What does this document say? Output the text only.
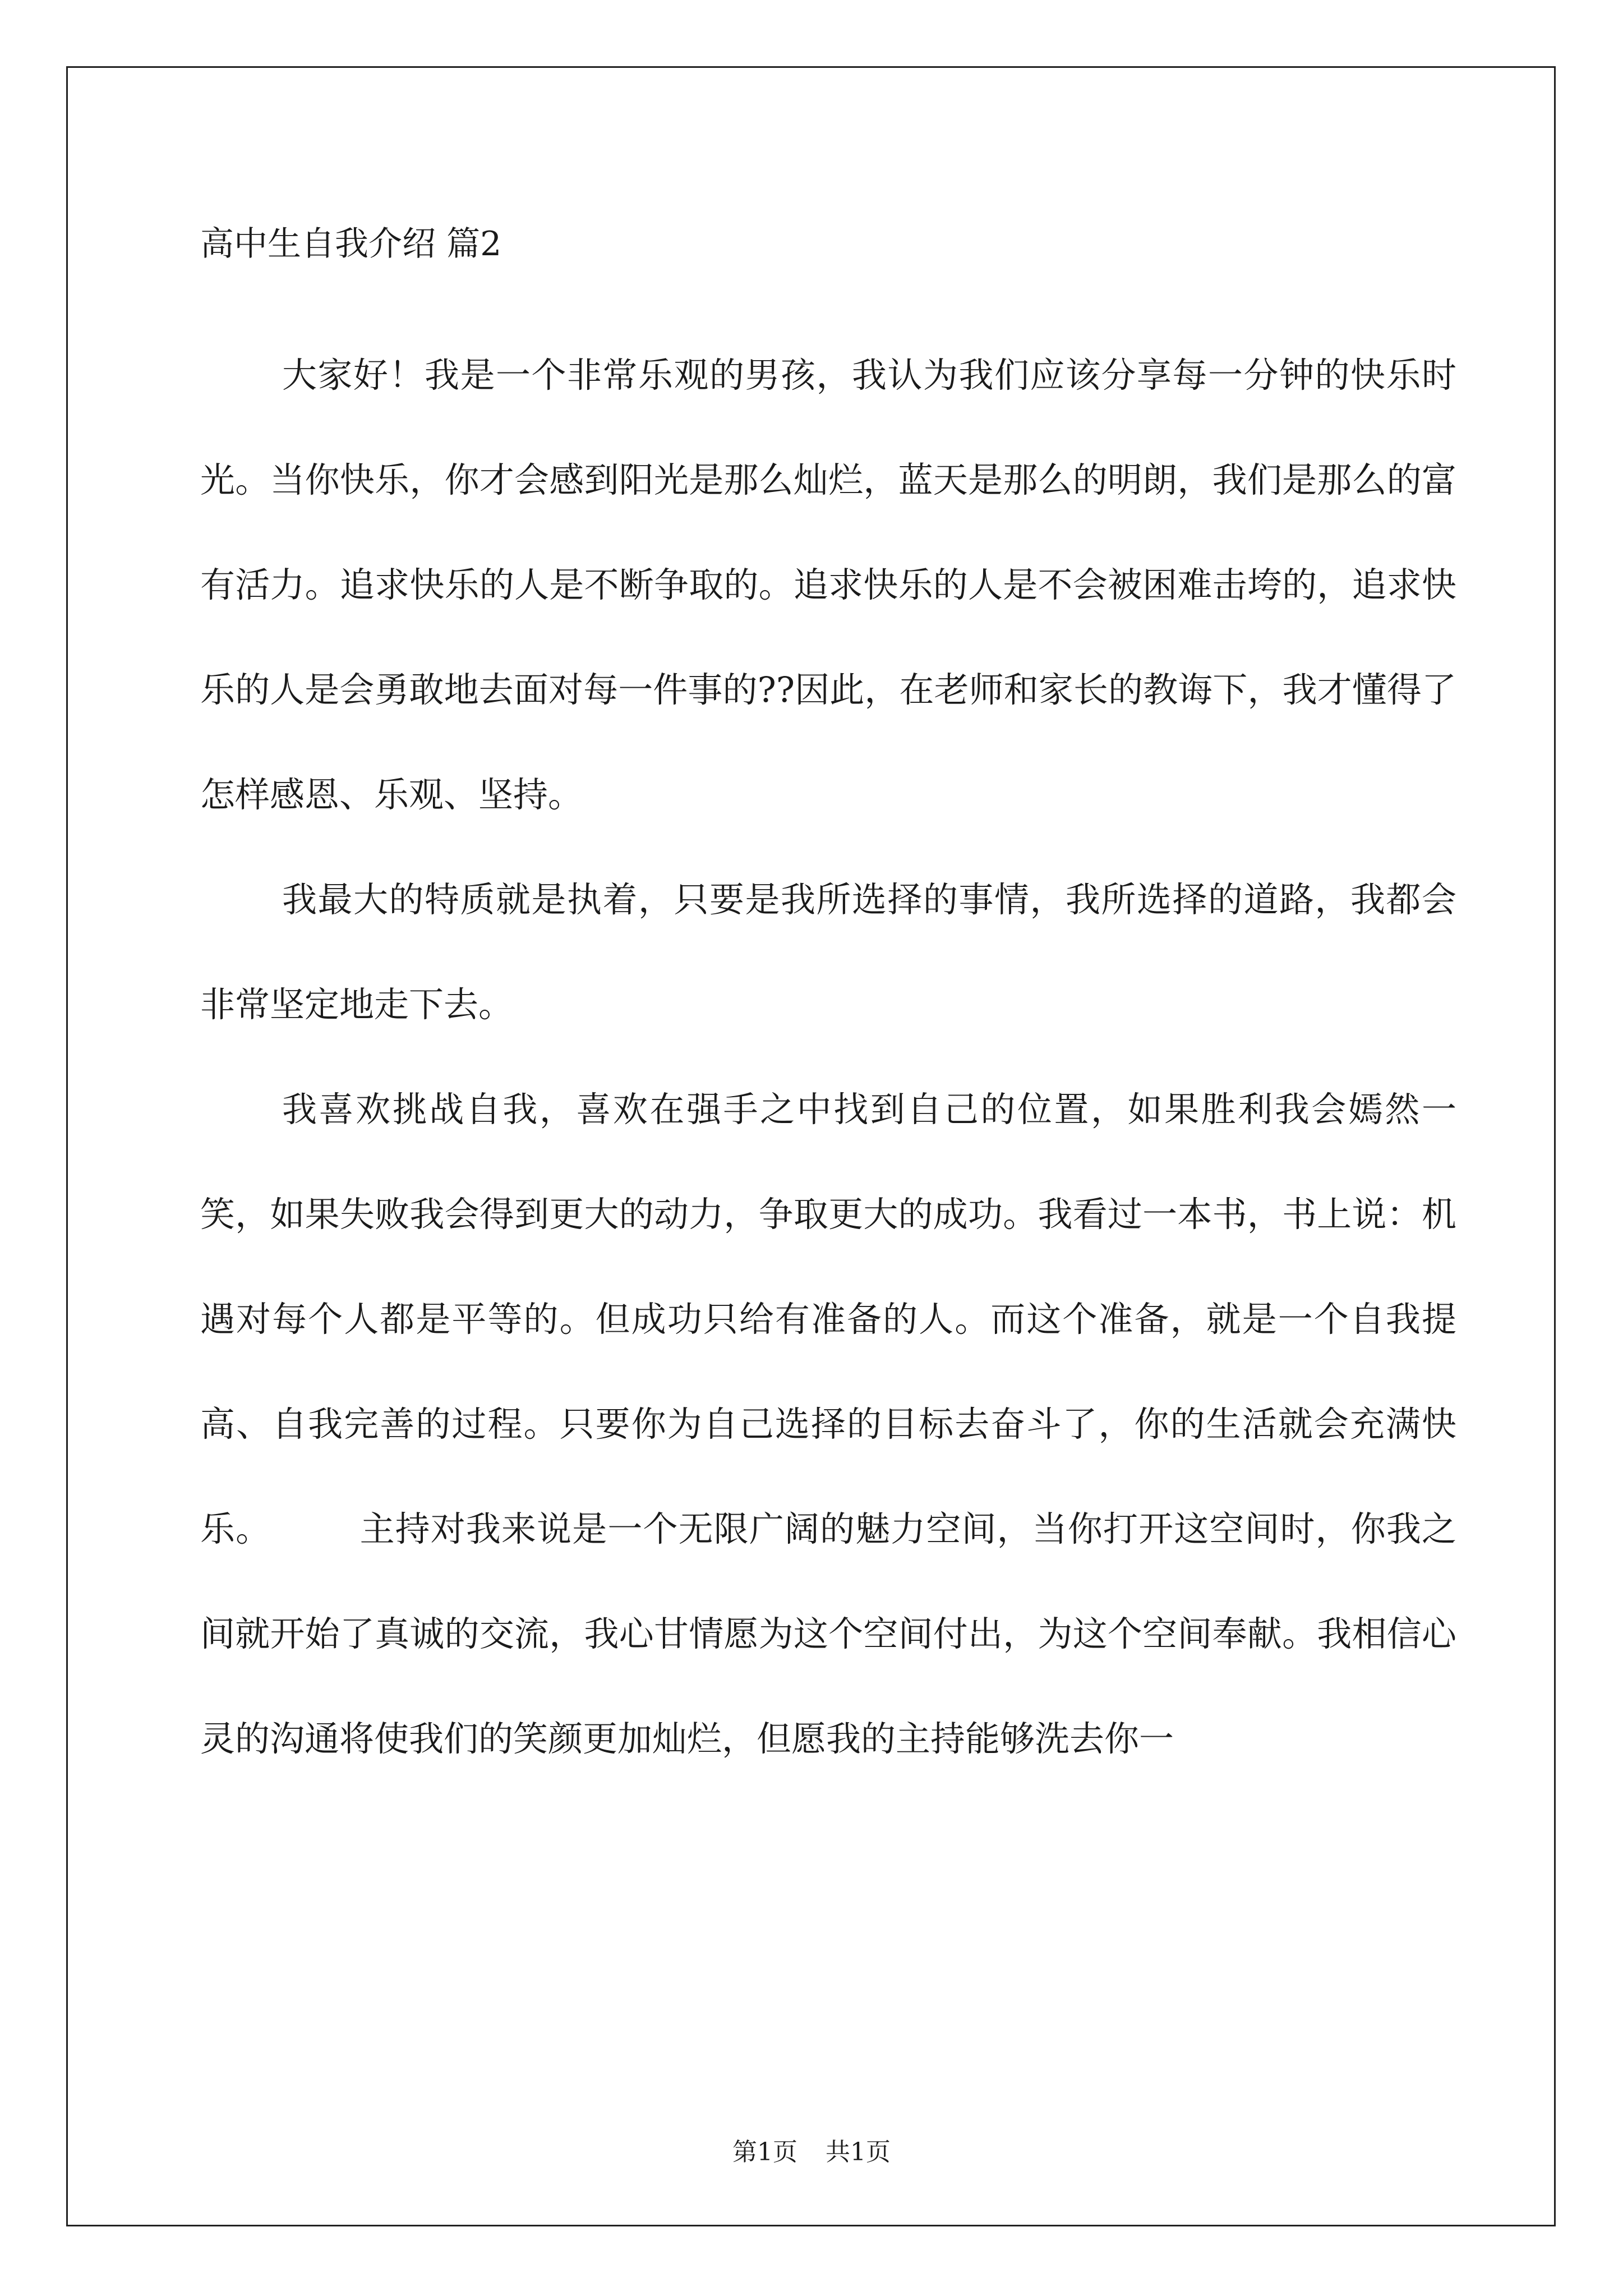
高中生自我介绍 篇2

大家好！我是一个非常乐观的男孩，我认为我们应该分享每一分钟的快乐时光。当你快乐，你才会感到阳光是那么灿烂，蓝天是那么的明朗，我们是那么的富有活力。追求快乐的人是不断争取的。追求快乐的人是不会被困难击垮的，追求快乐的人是会勇敢地去面对每一件事的??因此，在老师和家长的教诲下，我才懂得了怎样感恩、乐观、坚持。

我最大的特质就是执着，只要是我所选择的事情，我所选择的道路，我都会非常坚定地走下去。

我喜欢挑战自我，喜欢在强手之中找到自己的位置，如果胜利我会嫣然一笑，如果失败我会得到更大的动力，争取更大的成功。我看过一本书，书上说：机遇对每个人都是平等的。但成功只给有准备的人。而这个准备，就是一个自我提高、自我完善的过程。只要你为自己选择的目标去奋斗了，你的生活就会充满快乐。　　　主持对我来说是一个无限广阔的魅力空间，当你打开这空间时，你我之间就开始了真诚的交流，我心甘情愿为这个空间付出，为这个空间奉献。我相信心灵的沟通将使我们的笑颜更加灿烂，但愿我的主持能够洗去你一

第1页 共1页
